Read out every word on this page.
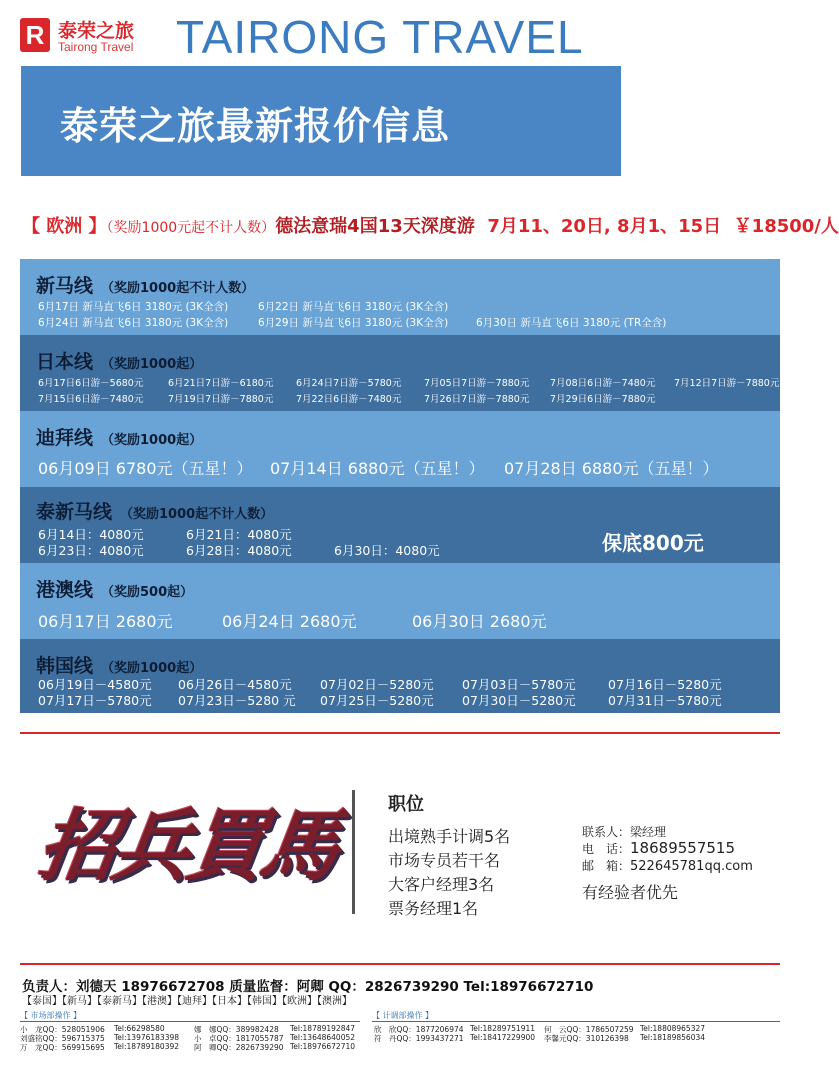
R 泰荣之旅
Tairong Travel TAIRONG TRAVEL
泰荣之旅最新报价信息
【 欧洲 】（奖励1000元起不计人数）德法意瑞4国13天深度游 7月11、20日, 8月1、15日 ￥18500/人
新马线 （奖励1000起不计人数）
6月17日 新马直飞6日 3180元 (3K全含)	6月22日 新马直飞6日 3180元 (3K全含)
6月24日 新马直飞6日 3180元 (3K全含)	6月29日 新马直飞6日 3180元 (3K全含)	6月30日 新马直飞6日 3180元 (TR全含)
日本线 （奖励1000起）
6月17日6日游－5680元	6月21日7日游－6180元 6月24日7日游－5780元 7月05日7日游－7880元 7月08日6日游－7480元 7月12日7日游－7880元
7月15日6日游－7480元	7月19日7日游－7880元 7月22日6日游－7480元 7月26日7日游－7880元 7月29日6日游－7880元
迪拜线 （奖励1000起）
06月09日 6780元（五星！） 07月14日 6880元（五星！） 07月28日 6880元（五星！）
泰新马线 （奖励1000起不计人数）
6月14日：4080元	6月21日：4080元
6月23日：4080元	6月28日：4080元	6月30日：4080元	保底800元
港澳线 （奖励500起）
06月17日 2680元	06月24日 2680元	06月30日 2680元
韩国线 （奖励1000起）
06月19日－4580元 06月26日－4580元 07月02日－5280元 07月03日－5780元	07月16日－5280元
07月17日－5780元 07月23日－5280 元 07月25日－5280元 07月30日－5280元	07月31日－5780元
招兵買馬	职位
出境熟手计调5名
市场专员若干名
大客户经理3名
票务经理1名
联系人：梁经理
电　话：18689557515
邮　箱：522645781qq.com
有经验者优先
负责人：刘德天 18976672708 质量监督：阿卿 QQ：2826739290 Tel:18976672710
【泰国】【新马】【泰新马】【港澳】【迪拜】【日本】【韩国】【欧洲】【澳洲】
【 市场部操作 】	【 计调部操作 】
小　龙QQ：528051906 Tel:66298580	娜　娜QQ：389982428 Tel:18789192847
刘盛铭QQ：596715375 Tel:13976183398 小　卓QQ：1817055787 Tel:13648640052
万　龙QQ：569915695 Tel:18789180392 阿　卿QQ：2826739290 Tel:18976672710
欣　欣QQ：1877206974 Tel:18289751911 何　云QQ：1786507259 Tel:18808965327
符　丹QQ：1993437271 Tel:18417229900 李馨元QQ：310126398 Tel:18189856034
